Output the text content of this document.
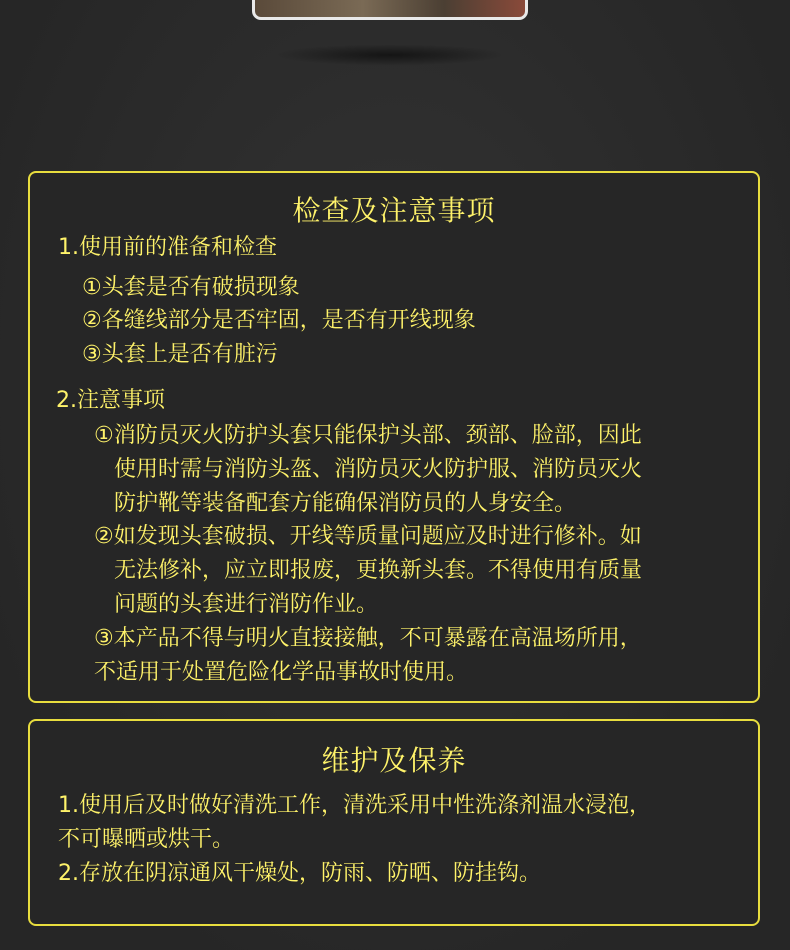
检查及注意事项
1.使用前的准备和检查
①头套是否有破损现象
②各缝线部分是否牢固，是否有开线现象
③头套上是否有脏污
2.注意事项
①消防员灭火防护头套只能保护头部、颈部、脸部，因此
使用时需与消防头盔、消防员灭火防护服、消防员灭火
防护靴等装备配套方能确保消防员的人身安全。
②如发现头套破损、开线等质量问题应及时进行修补。如
无法修补，应立即报废，更换新头套。不得使用有质量
问题的头套进行消防作业。
③本产品不得与明火直接接触，不可暴露在高温场所用，
不适用于处置危险化学品事故时使用。
维护及保养
1.使用后及时做好清洗工作，清洗采用中性洗涤剂温水浸泡，
不可曝晒或烘干。
2.存放在阴凉通风干燥处，防雨、防晒、防挂钩。
